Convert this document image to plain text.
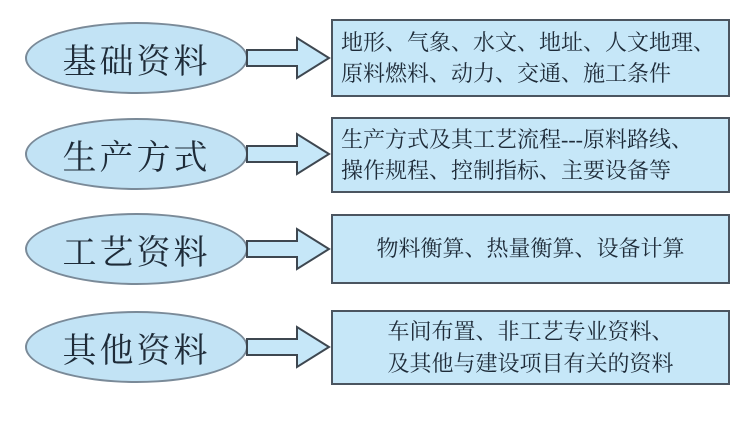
基础资料
地形、气象、水文、地址、人文地理、
原料燃料、动力、交通、施工条件
生产方式
生产方式及其工艺流程---原料路线、
操作规程、控制指标、主要设备等
工艺资料	物料衡算、热量衡算、设备计算
其他资料
车间布置、非工艺专业资料、
及其他与建设项目有关的资料
